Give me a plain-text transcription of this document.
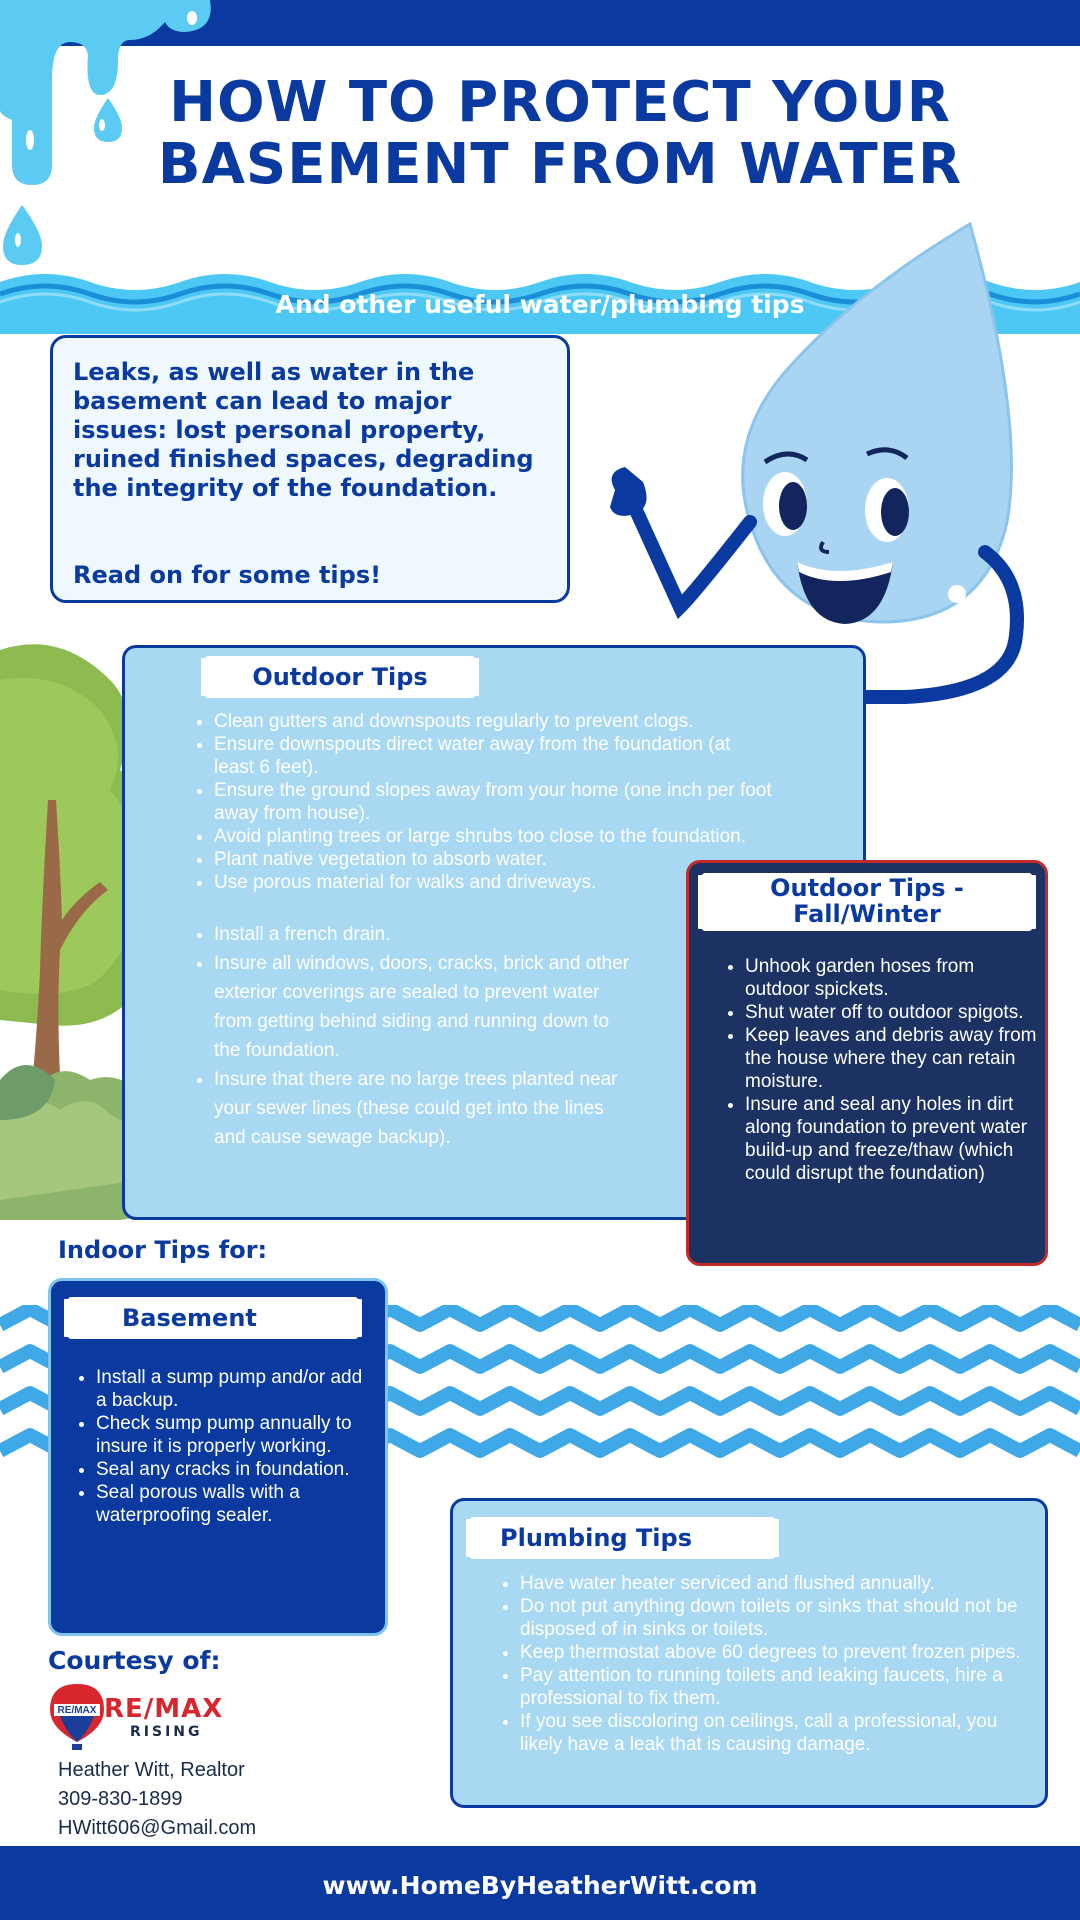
HOW TO PROTECT YOUR
BASEMENT FROM WATER
And other useful water/plumbing tips

Leaks, as well as water in the basement can lead to major issues: lost personal property, ruined finished spaces, degrading the integrity of the foundation.

Read on for some tips!
Outdoor Tips
• Clean gutters and downspouts regularly to prevent clogs.
• Ensure downspouts direct water away from the foundation (at least 6 feet).
• Ensure the ground slopes away from your home (one inch per foot away from house).
• Avoid planting trees or large shrubs too close to the foundation.
• Plant native vegetation to absorb water.
• Use porous material for walks and driveways.
• Install a french drain.
• Insure all windows, doors, cracks, brick and other exterior coverings are sealed to prevent water from getting behind siding and running down to the foundation.
• Insure that there are no large trees planted near your sewer lines (these could get into the lines and cause sewage backup).
Outdoor Tips -
Fall/Winter
• Unhook garden hoses from outdoor spickets.
• Shut water off to outdoor spigots.
• Keep leaves and debris away from the house where they can retain moisture.
• Insure and seal any holes in dirt along foundation to prevent water build-up and freeze/thaw (which could disrupt the foundation)
Indoor Tips for:
Basement
• Install a sump pump and/or add a backup.
• Check sump pump annually to insure it is properly working.
• Seal any cracks in foundation.
• Seal porous walls with a waterproofing sealer.
Plumbing Tips
• Have water heater serviced and flushed annually.
• Do not put anything down toilets or sinks that should not be disposed of in sinks or toilets.
• Keep thermostat above 60 degrees to prevent frozen pipes.
• Pay attention to running toilets and leaking faucets, hire a professional to fix them.
• If you see discoloring on ceilings, call a professional, you likely have a leak that is causing damage.
Courtesy of:
RE/MAX RE/MAX
RISING
Heather Witt, Realtor
309-830-1899
HWitt606@Gmail.com
www.HomeByHeatherWitt.com
